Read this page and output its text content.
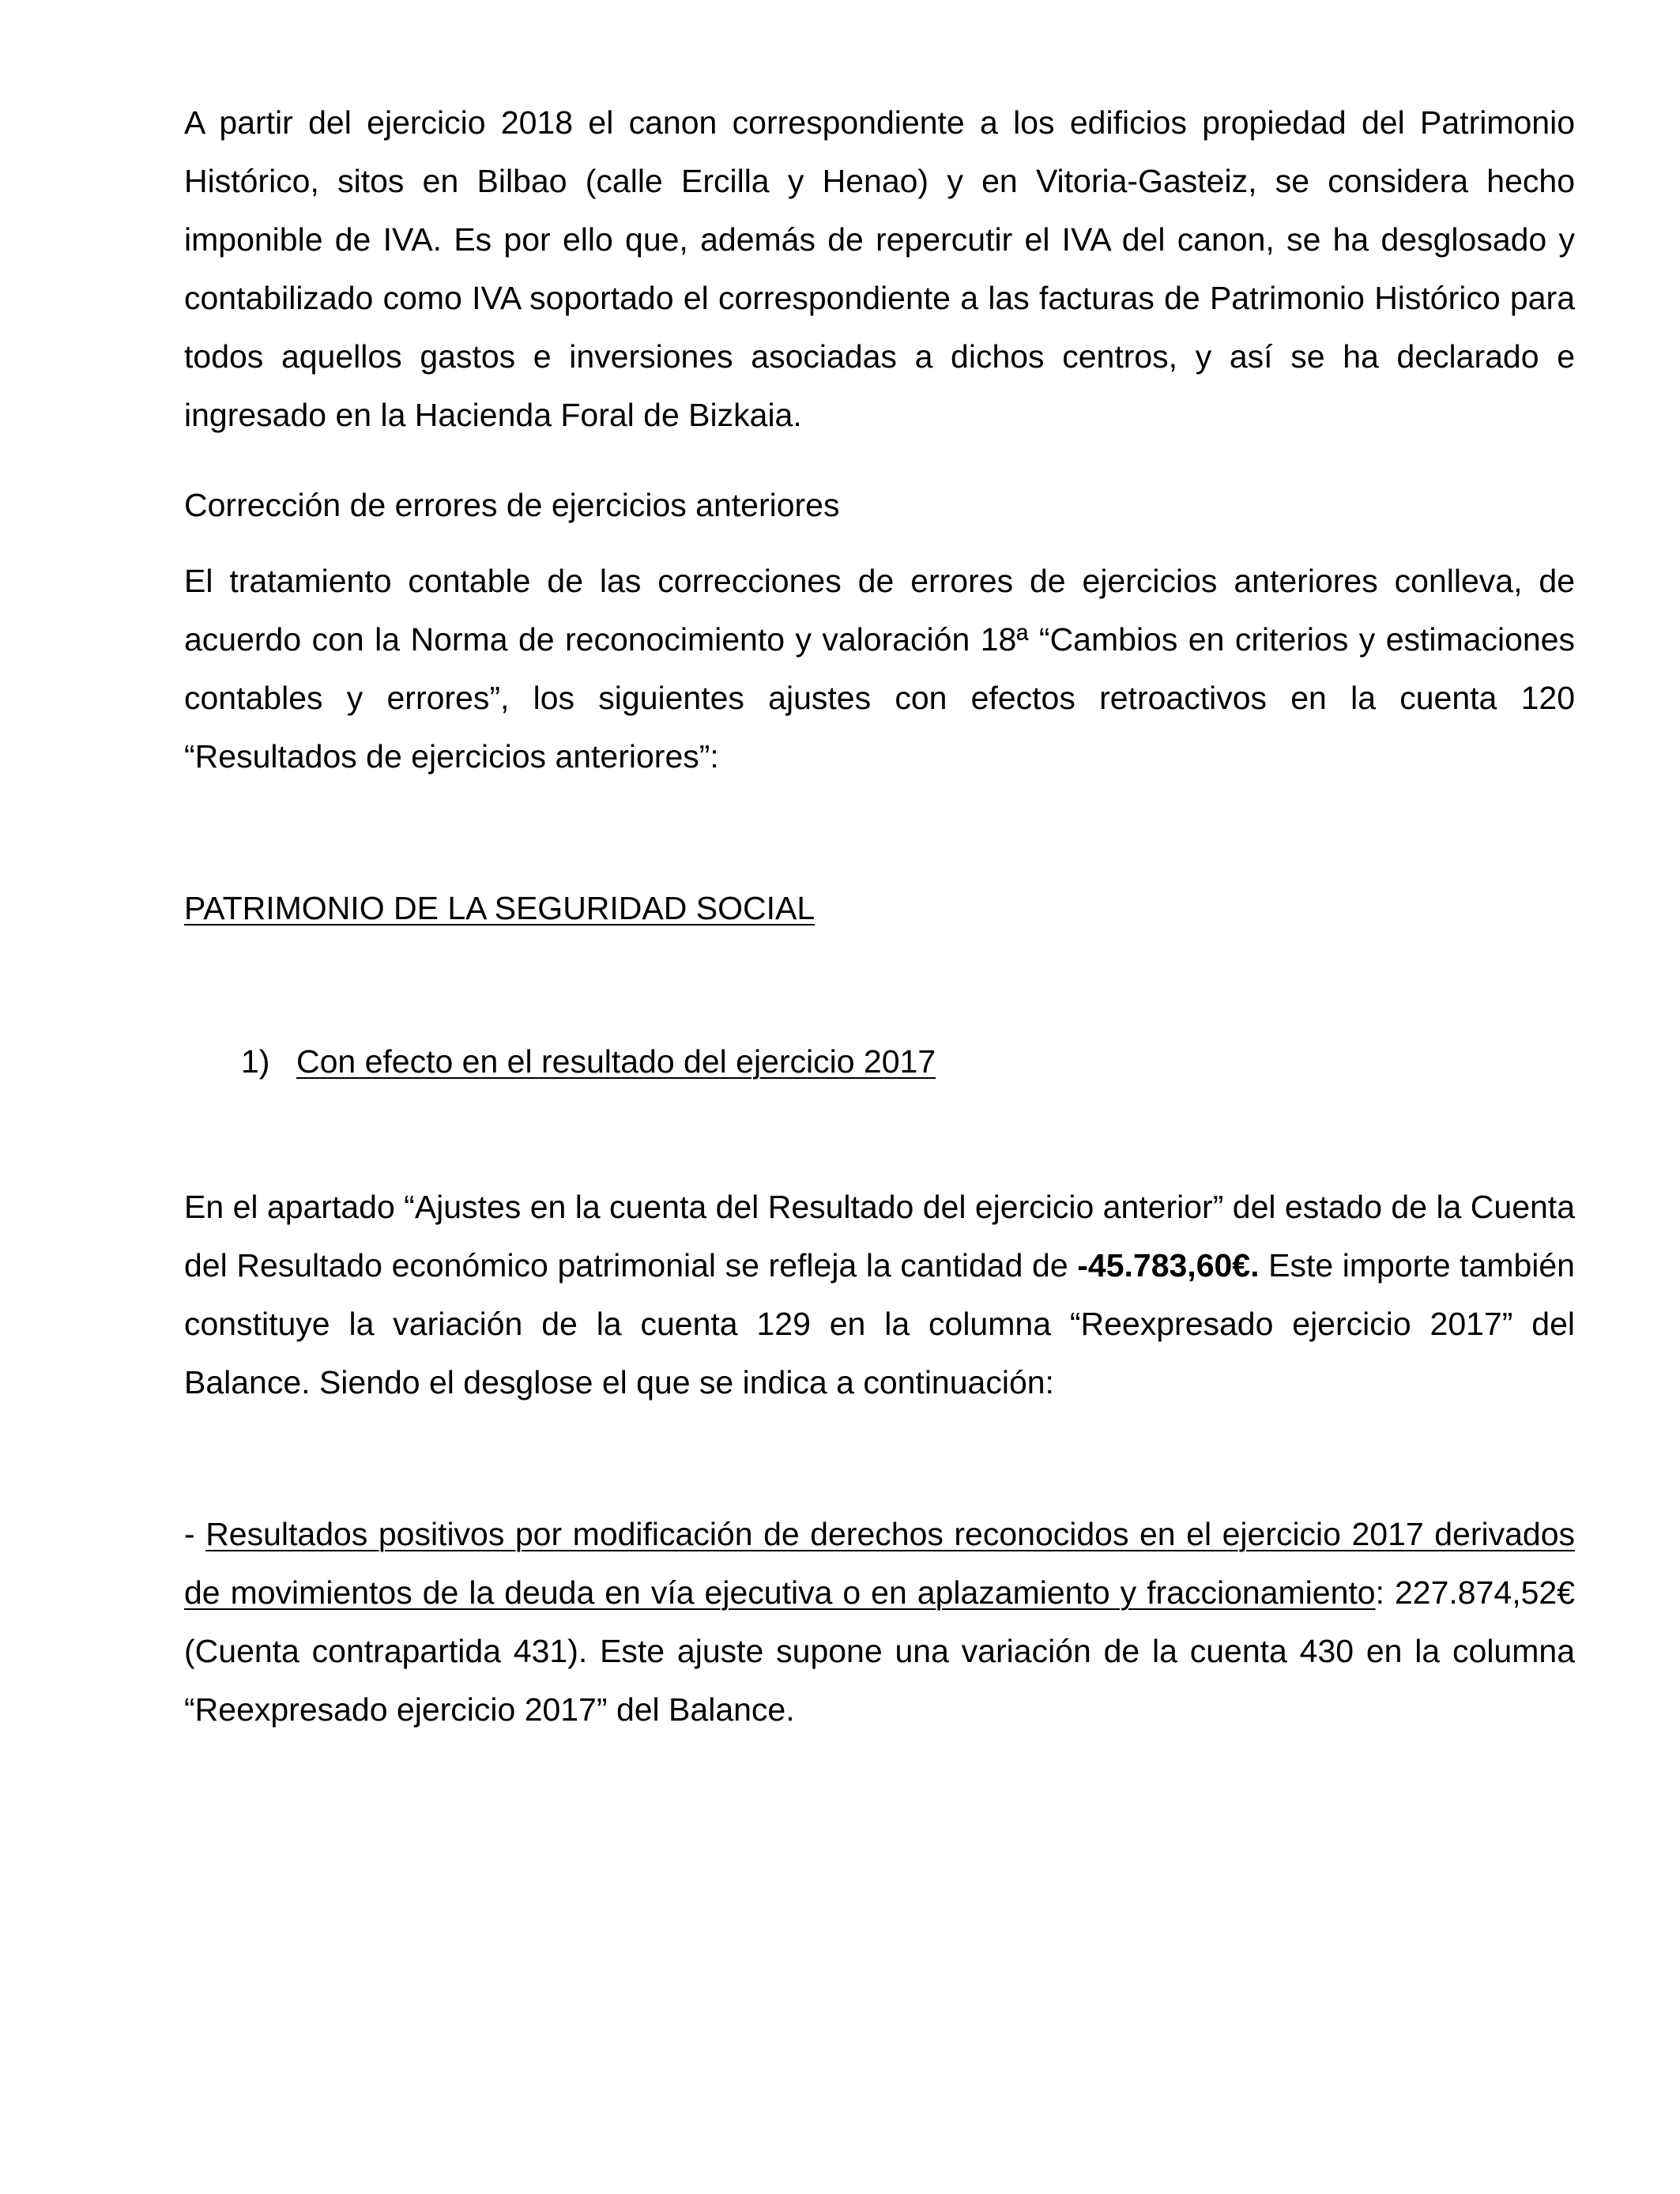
A partir del ejercicio 2018 el canon correspondiente a los edificios propiedad del Patrimonio Histórico, sitos en Bilbao (calle Ercilla y Henao) y en Vitoria-Gasteiz, se considera hecho imponible de IVA. Es por ello que, además de repercutir el IVA del canon, se ha desglosado y contabilizado como IVA soportado el correspondiente a las facturas de Patrimonio Histórico para todos aquellos gastos e inversiones asociadas a dichos centros, y así se ha declarado e ingresado en la Hacienda Foral de Bizkaia.

Corrección de errores de ejercicios anteriores

El tratamiento contable de las correcciones de errores de ejercicios anteriores conlleva, de acuerdo con la Norma de reconocimiento y valoración 18ª “Cambios en criterios y estimaciones contables y errores”, los siguientes ajustes con efectos retroactivos en la cuenta 120 “Resultados de ejercicios anteriores”:

PATRIMONIO DE LA SEGURIDAD SOCIAL

1) Con efecto en el resultado del ejercicio 2017

En el apartado “Ajustes en la cuenta del Resultado del ejercicio anterior” del estado de la Cuenta del Resultado económico patrimonial se refleja la cantidad de -45.783,60€. Este importe también constituye la variación de la cuenta 129 en la columna “Reexpresado ejercicio 2017” del Balance. Siendo el desglose el que se indica a continuación:

- Resultados positivos por modificación de derechos reconocidos en el ejercicio 2017 derivados de movimientos de la deuda en vía ejecutiva o en aplazamiento y fraccionamiento: 227.874,52€ (Cuenta contrapartida 431). Este ajuste supone una variación de la cuenta 430 en la columna “Reexpresado ejercicio 2017” del Balance.
